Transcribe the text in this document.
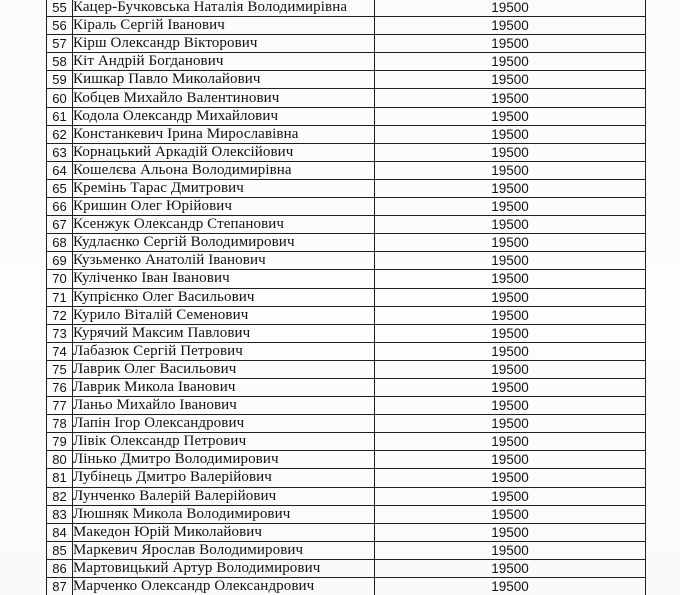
55	Кацер-Бучковська Наталія Володимирівна	19500
56	Кіраль Сергій Іванович	19500
57	Кірш Олександр Вікторович	19500
58	Кіт Андрій Богданович	19500
59	Кишкар Павло Миколайович	19500
60	Кобцев Михайло Валентинович	19500
61	Кодола Олександр Михайлович	19500
62	Констанкевич Ірина Мирославівна	19500
63	Корнацький Аркадій Олексійович	19500
64	Кошелєва Альона Володимирівна	19500
65	Кремінь Тарас Дмитрович	19500
66	Кришин Олег Юрійович	19500
67	Ксенжук Олександр Степанович	19500
68	Кудлаєнко Сергій Володимирович	19500
69	Кузьменко Анатолій Іванович	19500
70	Куліченко Іван Іванович	19500
71	Купрієнко Олег Васильович	19500
72	Курило Віталій Семенович	19500
73	Курячий Максим Павлович	19500
74	Лабазюк Сергій Петрович	19500
75	Лаврик Олег Васильович	19500
76	Лаврик Микола Іванович	19500
77	Ланьо Михайло Іванович	19500
78	Лапін Ігор Олександрович	19500
79	Лівік Олександр Петрович	19500
80	Лінько Дмитро Володимирович	19500
81	Лубінець Дмитро Валерійович	19500
82	Лунченко Валерій Валерійович	19500
83	Люшняк Микола Володимирович	19500
84	Македон Юрій Миколайович	19500
85	Маркевич Ярослав Володимирович	19500
86	Мартовицький Артур Володимирович	19500
87	Марченко Олександр Олександрович	19500
